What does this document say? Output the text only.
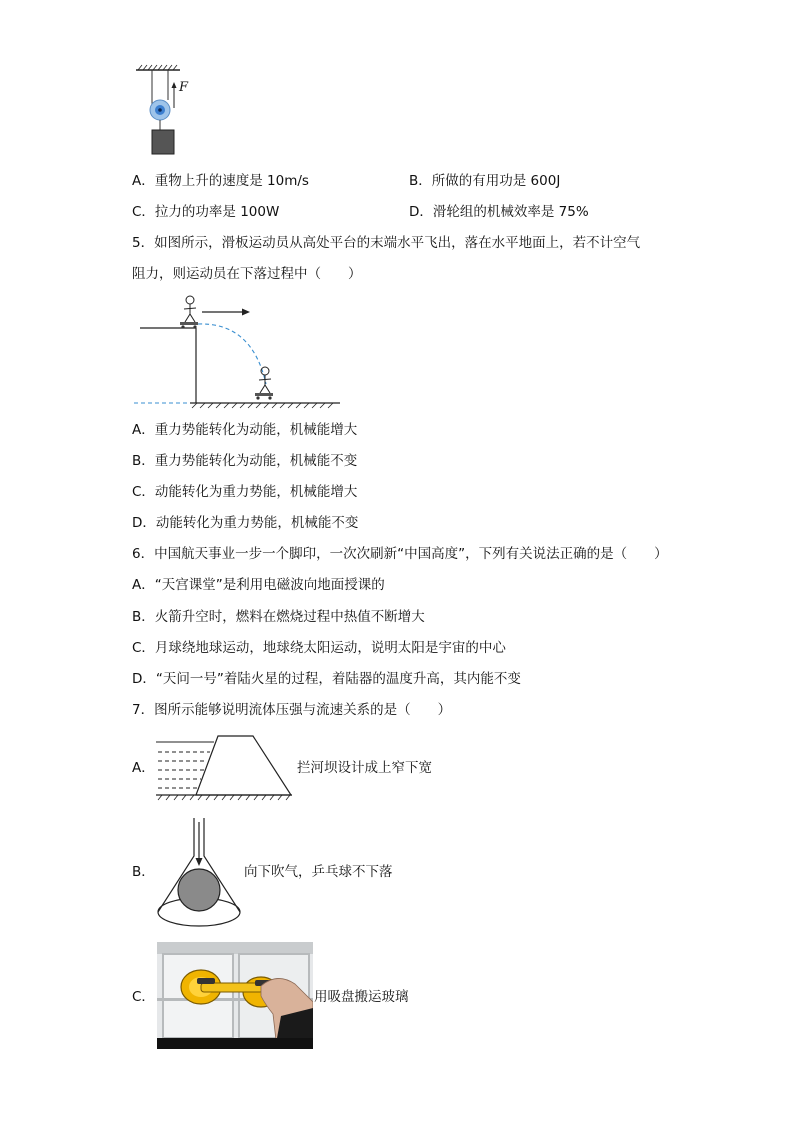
F
A．重物上升的速度是 10m/s	B．所做的有用功是 600J
C．拉力的功率是 100W	D．滑轮组的机械效率是 75%
5．如图所示，滑板运动员从高处平台的末端水平飞出，落在水平地面上，若不计空气
阻力，则运动员在下落过程中（　　）
A．重力势能转化为动能，机械能增大
B．重力势能转化为动能，机械能不变
C．动能转化为重力势能，机械能增大
D．动能转化为重力势能，机械能不变
6．中国航天事业一步一个脚印，一次次刷新“中国高度”，下列有关说法正确的是（　　）
A．“天宫课堂”是利用电磁波向地面授课的
B．火箭升空时，燃料在燃烧过程中热值不断增大
C．月球绕地球运动，地球绕太阳运动，说明太阳是宇宙的中心
D．“天问一号”着陆火星的过程，着陆器的温度升高，其内能不变
7．图所示能够说明流体压强与流速关系的是（　　）
A．	拦河坝设计成上窄下宽
B．	向下吹气，乒乓球不下落
C．	用吸盘搬运玻璃
